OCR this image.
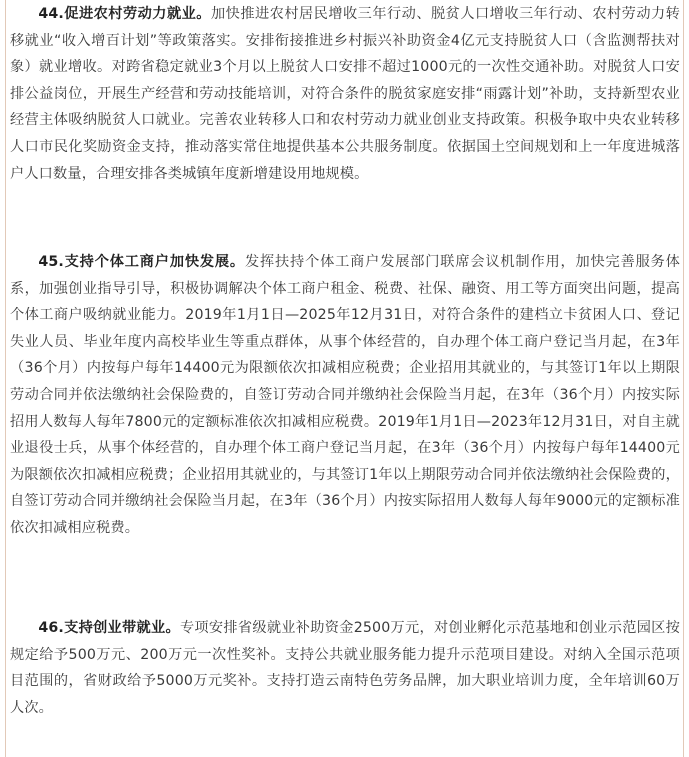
44.促进农村劳动力就业。加快推进农村居民增收三年行动、脱贫人口增收三年行动、农村劳动力转移就业“收入增百计划”等政策落实。安排衔接推进乡村振兴补助资金4亿元支持脱贫人口（含监测帮扶对象）就业增收。对跨省稳定就业3个月以上脱贫人口安排不超过1000元的一次性交通补助。对脱贫人口安排公益岗位，开展生产经营和劳动技能培训，对符合条件的脱贫家庭安排“雨露计划”补助，支持新型农业经营主体吸纳脱贫人口就业。完善农业转移人口和农村劳动力就业创业支持政策。积极争取中央农业转移人口市民化奖励资金支持，推动落实常住地提供基本公共服务制度。依据国土空间规划和上一年度进城落户人口数量，合理安排各类城镇年度新增建设用地规模。

45.支持个体工商户加快发展。发挥扶持个体工商户发展部门联席会议机制作用，加快完善服务体系，加强创业指导引导，积极协调解决个体工商户租金、税费、社保、融资、用工等方面突出问题，提高个体工商户吸纳就业能力。2019年1月1日—2025年12月31日，对符合条件的建档立卡贫困人口、登记失业人员、毕业年度内高校毕业生等重点群体，从事个体经营的，自办理个体工商户登记当月起，在3年（36个月）内按每户每年14400元为限额依次扣减相应税费；企业招用其就业的，与其签订1年以上期限劳动合同并依法缴纳社会保险费的，自签订劳动合同并缴纳社会保险当月起，在3年（36个月）内按实际招用人数每人每年7800元的定额标准依次扣减相应税费。2019年1月1日—2023年12月31日，对自主就业退役士兵，从事个体经营的，自办理个体工商户登记当月起，在3年（36个月）内按每户每年14400元为限额依次扣减相应税费；企业招用其就业的，与其签订1年以上期限劳动合同并依法缴纳社会保险费的，自签订劳动合同并缴纳社会保险当月起，在3年（36个月）内按实际招用人数每人每年9000元的定额标准依次扣减相应税费。

46.支持创业带就业。专项安排省级就业补助资金2500万元，对创业孵化示范基地和创业示范园区按规定给予500万元、200万元一次性奖补。支持公共就业服务能力提升示范项目建设。对纳入全国示范项目范围的，省财政给予5000万元奖补。支持打造云南特色劳务品牌，加大职业培训力度，全年培训60万人次。
